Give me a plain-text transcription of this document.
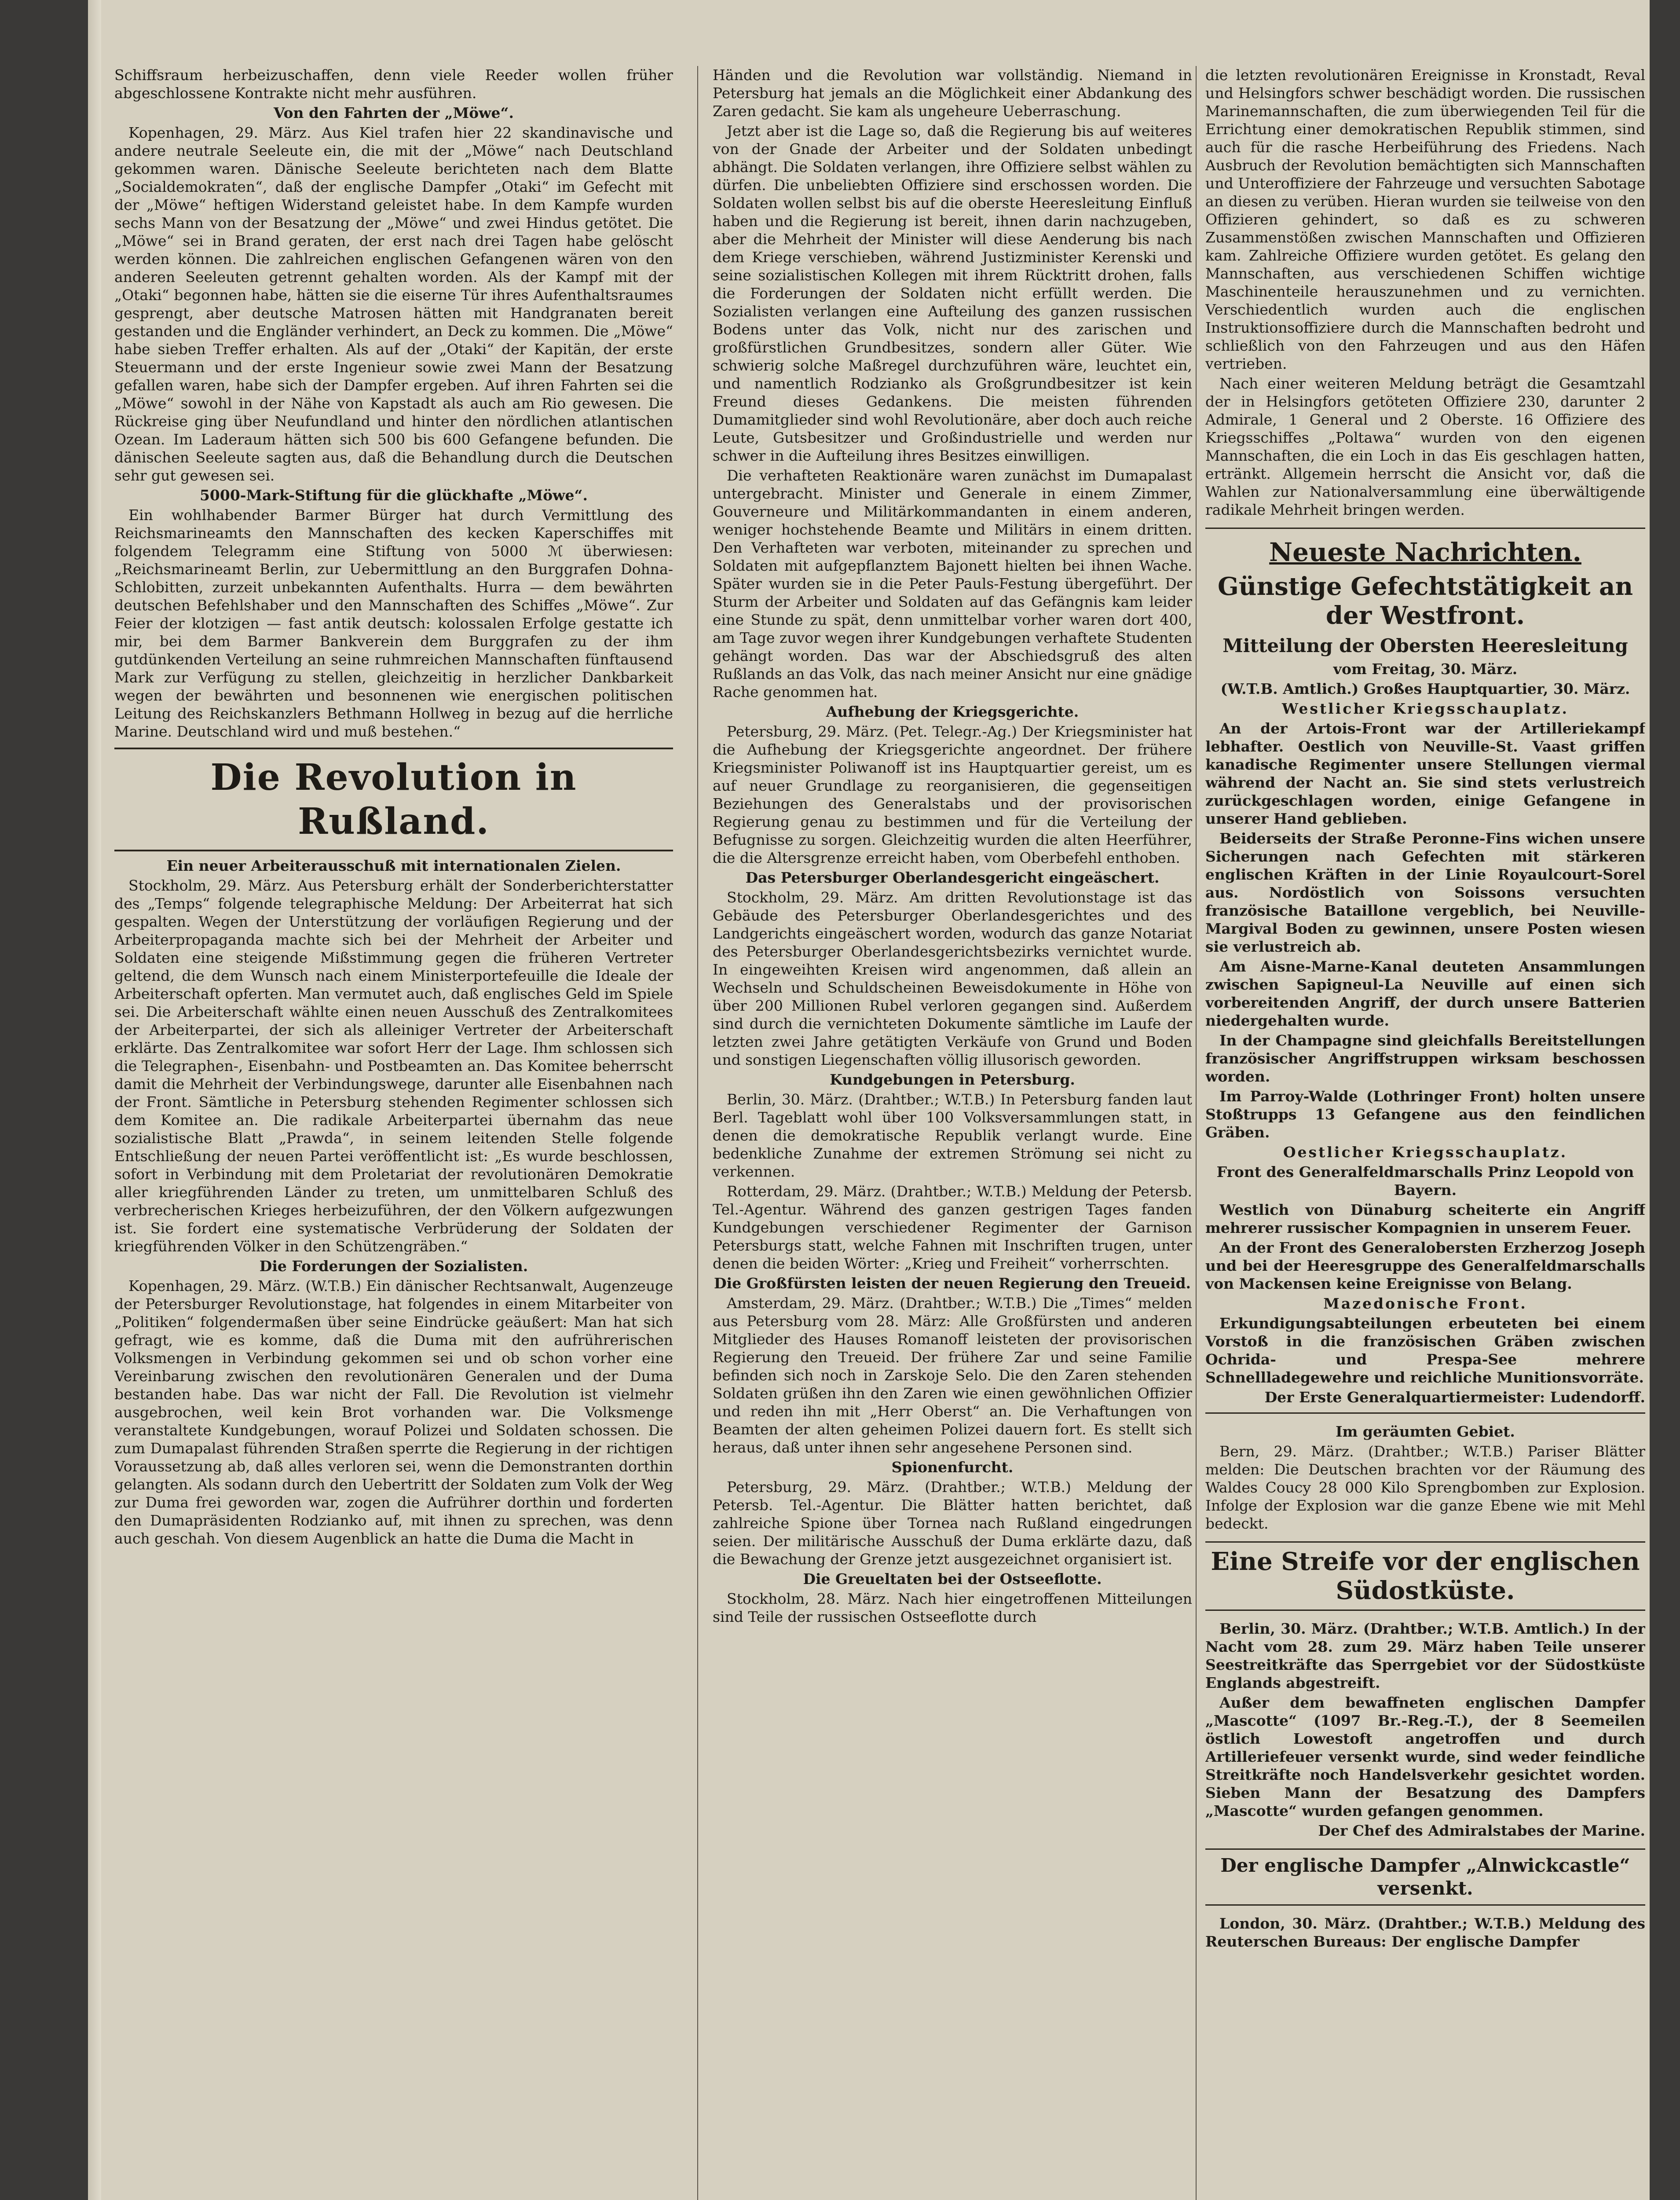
Schiffsraum herbeizuschaffen, denn viele Reeder wollen früher abgeschlossene Kontrakte nicht mehr ausführen.

Von den Fahrten der „Möwe“.

Kopenhagen, 29. März. Aus Kiel trafen hier 22 skandinavische und andere neutrale Seeleute ein, die mit der „Möwe“ nach Deutschland gekommen waren. Dänische Seeleute berichteten nach dem Blatte „Socialdemokraten“, daß der englische Dampfer „Otaki“ im Gefecht mit der „Möwe“ heftigen Widerstand geleistet habe. In dem Kampfe wurden sechs Mann von der Besatzung der „Möwe“ und zwei Hindus getötet. Die „Möwe“ sei in Brand geraten, der erst nach drei Tagen habe gelöscht werden können. Die zahlreichen englischen Gefangenen wären von den anderen Seeleuten getrennt gehalten worden. Als der Kampf mit der „Otaki“ begonnen habe, hätten sie die eiserne Tür ihres Aufenthaltsraumes gesprengt, aber deutsche Matrosen hätten mit Handgranaten bereit gestanden und die Engländer verhindert, an Deck zu kommen. Die „Möwe“ habe sieben Treffer erhalten. Als auf der „Otaki“ der Kapitän, der erste Steuermann und der erste Ingenieur sowie zwei Mann der Besatzung gefallen waren, habe sich der Dampfer ergeben. Auf ihren Fahrten sei die „Möwe“ sowohl in der Nähe von Kapstadt als auch am Rio gewesen. Die Rückreise ging über Neufundland und hinter den nördlichen atlantischen Ozean. Im Laderaum hätten sich 500 bis 600 Gefangene befunden. Die dänischen Seeleute sagten aus, daß die Behandlung durch die Deutschen sehr gut gewesen sei.

5000-Mark-Stiftung für die glückhafte „Möwe“.

Ein wohlhabender Barmer Bürger hat durch Vermittlung des Reichsmarineamts den Mannschaften des kecken Kaperschiffes mit folgendem Telegramm eine Stiftung von 5000 ℳ überwiesen: „Reichsmarineamt Berlin, zur Uebermittlung an den Burggrafen Dohna-Schlobitten, zurzeit unbekannten Aufenthalts. Hurra — dem bewährten deutschen Befehlshaber und den Mannschaften des Schiffes „Möwe“. Zur Feier der klotzigen — fast antik deutsch: kolossalen Erfolge gestatte ich mir, bei dem Barmer Bankverein dem Burggrafen zu der ihm gutdünkenden Verteilung an seine ruhmreichen Mannschaften fünftausend Mark zur Verfügung zu stellen, gleichzeitig in herzlicher Dankbarkeit wegen der bewährten und besonnenen wie energischen politischen Leitung des Reichskanzlers Bethmann Hollweg in bezug auf die herrliche Marine. Deutschland wird und muß bestehen.“

Die Revolution in Rußland.

Ein neuer Arbeiterausschuß mit internationalen Zielen.

Stockholm, 29. März. Aus Petersburg erhält der Sonderberichterstatter des „Temps“ folgende telegraphische Meldung: Der Arbeiterrat hat sich gespalten. Wegen der Unterstützung der vorläufigen Regierung und der Arbeiterpropaganda machte sich bei der Mehrheit der Arbeiter und Soldaten eine steigende Mißstimmung gegen die früheren Vertreter geltend, die dem Wunsch nach einem Ministerportefeuille die Ideale der Arbeiterschaft opferten. Man vermutet auch, daß englisches Geld im Spiele sei. Die Arbeiterschaft wählte einen neuen Ausschuß des Zentralkomitees der Arbeiterpartei, der sich als alleiniger Vertreter der Arbeiterschaft erklärte. Das Zentralkomitee war sofort Herr der Lage. Ihm schlossen sich die Telegraphen-, Eisenbahn- und Postbeamten an. Das Komitee beherrscht damit die Mehrheit der Verbindungswege, darunter alle Eisenbahnen nach der Front. Sämtliche in Petersburg stehenden Regimenter schlossen sich dem Komitee an. Die radikale Arbeiterpartei übernahm das neue sozialistische Blatt „Prawda“, in seinem leitenden Stelle folgende Entschließung der neuen Partei veröffentlicht ist: „Es wurde beschlossen, sofort in Verbindung mit dem Proletariat der revolutionären Demokratie aller kriegführenden Länder zu treten, um unmittelbaren Schluß des verbrecherischen Krieges herbeizuführen, der den Völkern aufgezwungen ist. Sie fordert eine systematische Verbrüderung der Soldaten der kriegführenden Völker in den Schützengräben.“

Die Forderungen der Sozialisten.

Kopenhagen, 29. März. (W.T.B.) Ein dänischer Rechtsanwalt, Augenzeuge der Petersburger Revolutionstage, hat folgendes in einem Mitarbeiter von „Politiken“ folgendermaßen über seine Eindrücke geäußert: Man hat sich gefragt, wie es komme, daß die Duma mit den aufrührerischen Volksmengen in Verbindung gekommen sei und ob schon vorher eine Vereinbarung zwischen den revolutionären Generalen und der Duma bestanden habe. Das war nicht der Fall. Die Revolution ist vielmehr ausgebrochen, weil kein Brot vorhanden war. Die Volksmenge veranstaltete Kundgebungen, worauf Polizei und Soldaten schossen. Die zum Dumapalast führenden Straßen sperrte die Regierung in der richtigen Voraussetzung ab, daß alles verloren sei, wenn die Demonstranten dorthin gelangten. Als sodann durch den Uebertritt der Soldaten zum Volk der Weg zur Duma frei geworden war, zogen die Aufrührer dorthin und forderten den Dumapräsidenten Rodzianko auf, mit ihnen zu sprechen, was denn auch geschah. Von diesem Augenblick an hatte die Duma die Macht in

Händen und die Revolution war vollständig. Niemand in Petersburg hat jemals an die Möglichkeit einer Abdankung des Zaren gedacht. Sie kam als ungeheure Ueberraschung.

Jetzt aber ist die Lage so, daß die Regierung bis auf weiteres von der Gnade der Arbeiter und der Soldaten unbedingt abhängt. Die Soldaten verlangen, ihre Offiziere selbst wählen zu dürfen. Die unbeliebten Offiziere sind erschossen worden. Die Soldaten wollen selbst bis auf die oberste Heeresleitung Einfluß haben und die Regierung ist bereit, ihnen darin nachzugeben, aber die Mehrheit der Minister will diese Aenderung bis nach dem Kriege verschieben, während Justizminister Kerenski und seine sozialistischen Kollegen mit ihrem Rücktritt drohen, falls die Forderungen der Soldaten nicht erfüllt werden. Die Sozialisten verlangen eine Aufteilung des ganzen russischen Bodens unter das Volk, nicht nur des zarischen und großfürstlichen Grundbesitzes, sondern aller Güter. Wie schwierig solche Maßregel durchzuführen wäre, leuchtet ein, und namentlich Rodzianko als Großgrundbesitzer ist kein Freund dieses Gedankens. Die meisten führenden Dumamitglieder sind wohl Revolutionäre, aber doch auch reiche Leute, Gutsbesitzer und Großindustrielle und werden nur schwer in die Aufteilung ihres Besitzes einwilligen.

Die verhafteten Reaktionäre waren zunächst im Dumapalast untergebracht. Minister und Generale in einem Zimmer, Gouverneure und Militärkommandanten in einem anderen, weniger hochstehende Beamte und Militärs in einem dritten. Den Verhafteten war verboten, miteinander zu sprechen und Soldaten mit aufgepflanztem Bajonett hielten bei ihnen Wache. Später wurden sie in die Peter Pauls-Festung übergeführt. Der Sturm der Arbeiter und Soldaten auf das Gefängnis kam leider eine Stunde zu spät, denn unmittelbar vorher waren dort 400, am Tage zuvor wegen ihrer Kundgebungen verhaftete Studenten gehängt worden. Das war der Abschiedsgruß des alten Rußlands an das Volk, das nach meiner Ansicht nur eine gnädige Rache genommen hat.

Aufhebung der Kriegsgerichte.

Petersburg, 29. März. (Pet. Telegr.-Ag.) Der Kriegsminister hat die Aufhebung der Kriegsgerichte angeordnet. Der frühere Kriegsminister Poliwanoff ist ins Hauptquartier gereist, um es auf neuer Grundlage zu reorganisieren, die gegenseitigen Beziehungen des Generalstabs und der provisorischen Regierung genau zu bestimmen und für die Verteilung der Befugnisse zu sorgen. Gleichzeitig wurden die alten Heerführer, die die Altersgrenze erreicht haben, vom Oberbefehl enthoben.

Das Petersburger Oberlandesgericht eingeäschert.

Stockholm, 29. März. Am dritten Revolutionstage ist das Gebäude des Petersburger Oberlandesgerichtes und des Landgerichts eingeäschert worden, wodurch das ganze Notariat des Petersburger Oberlandesgerichtsbezirks vernichtet wurde. In eingeweihten Kreisen wird angenommen, daß allein an Wechseln und Schuldscheinen Beweisdokumente in Höhe von über 200 Millionen Rubel verloren gegangen sind. Außerdem sind durch die vernichteten Dokumente sämtliche im Laufe der letzten zwei Jahre getätigten Verkäufe von Grund und Boden und sonstigen Liegenschaften völlig illusorisch geworden.

Kundgebungen in Petersburg.

Berlin, 30. März. (Drahtber.; W.T.B.) In Petersburg fanden laut Berl. Tageblatt wohl über 100 Volksversammlungen statt, in denen die demokratische Republik verlangt wurde. Eine bedenkliche Zunahme der extremen Strömung sei nicht zu verkennen.

Rotterdam, 29. März. (Drahtber.; W.T.B.) Meldung der Petersb. Tel.-Agentur. Während des ganzen gestrigen Tages fanden Kundgebungen verschiedener Regimenter der Garnison Petersburgs statt, welche Fahnen mit Inschriften trugen, unter denen die beiden Wörter: „Krieg und Freiheit“ vorherrschten.

Die Großfürsten leisten der neuen Regierung den Treueid.

Amsterdam, 29. März. (Drahtber.; W.T.B.) Die „Times“ melden aus Petersburg vom 28. März: Alle Großfürsten und anderen Mitglieder des Hauses Romanoff leisteten der provisorischen Regierung den Treueid. Der frühere Zar und seine Familie befinden sich noch in Zarskoje Selo. Die den Zaren stehenden Soldaten grüßen ihn den Zaren wie einen gewöhnlichen Offizier und reden ihn mit „Herr Oberst“ an. Die Verhaftungen von Beamten der alten geheimen Polizei dauern fort. Es stellt sich heraus, daß unter ihnen sehr angesehene Personen sind.

Spionenfurcht.

Petersburg, 29. März. (Drahtber.; W.T.B.) Meldung der Petersb. Tel.-Agentur. Die Blätter hatten berichtet, daß zahlreiche Spione über Tornea nach Rußland eingedrungen seien. Der militärische Ausschuß der Duma erklärte dazu, daß die Bewachung der Grenze jetzt ausgezeichnet organisiert ist.

Die Greueltaten bei der Ostseeflotte.

Stockholm, 28. März. Nach hier eingetroffenen Mitteilungen sind Teile der russischen Ostseeflotte durch

die letzten revolutionären Ereignisse in Kronstadt, Reval und Helsingfors schwer beschädigt worden. Die russischen Marinemannschaften, die zum überwiegenden Teil für die Errichtung einer demokratischen Republik stimmen, sind auch für die rasche Herbeiführung des Friedens. Nach Ausbruch der Revolution bemächtigten sich Mannschaften und Unteroffiziere der Fahrzeuge und versuchten Sabotage an diesen zu verüben. Hieran wurden sie teilweise von den Offizieren gehindert, so daß es zu schweren Zusammenstößen zwischen Mannschaften und Offizieren kam. Zahlreiche Offiziere wurden getötet. Es gelang den Mannschaften, aus verschiedenen Schiffen wichtige Maschinenteile herauszunehmen und zu vernichten. Verschiedentlich wurden auch die englischen Instruktionsoffiziere durch die Mannschaften bedroht und schließlich von den Fahrzeugen und aus den Häfen vertrieben.

Nach einer weiteren Meldung beträgt die Gesamtzahl der in Helsingfors getöteten Offiziere 230, darunter 2 Admirale, 1 General und 2 Oberste. 16 Offiziere des Kriegsschiffes „Poltawa“ wurden von den eigenen Mannschaften, die ein Loch in das Eis geschlagen hatten, ertränkt. Allgemein herrscht die Ansicht vor, daß die Wahlen zur Nationalversammlung eine überwältigende radikale Mehrheit bringen werden.

Neueste Nachrichten.
Günstige Gefechtstätigkeit an der Westfront.
Mitteilung der Obersten Heeresleitung

vom Freitag, 30. März.

(W.T.B. Amtlich.) Großes Hauptquartier, 30. März.

Westlicher Kriegsschauplatz.

An der Artois-Front war der Artilleriekampf lebhafter. Oestlich von Neuville-St. Vaast griffen kanadische Regimenter unsere Stellungen viermal während der Nacht an. Sie sind stets verlustreich zurückgeschlagen worden, einige Gefangene in unserer Hand geblieben.

Beiderseits der Straße Peronne-Fins wichen unsere Sicherungen nach Gefechten mit stärkeren englischen Kräften in der Linie Royaulcourt-Sorel aus. Nordöstlich von Soissons versuchten französische Bataillone vergeblich, bei Neuville-Margival Boden zu gewinnen, unsere Posten wiesen sie verlustreich ab.

Am Aisne-Marne-Kanal deuteten Ansammlungen zwischen Sapigneul-La Neuville auf einen sich vorbereitenden Angriff, der durch unsere Batterien niedergehalten wurde.

In der Champagne sind gleichfalls Bereitstellungen französischer Angriffstruppen wirksam beschossen worden.

Im Parroy-Walde (Lothringer Front) holten unsere Stoßtrupps 13 Gefangene aus den feindlichen Gräben.

Oestlicher Kriegsschauplatz.

Front des Generalfeldmarschalls Prinz Leopold von Bayern.

Westlich von Dünaburg scheiterte ein Angriff mehrerer russischer Kompagnien in unserem Feuer.

An der Front des Generalobersten Erzherzog Joseph und bei der Heeresgruppe des Generalfeldmarschalls von Mackensen keine Ereignisse von Belang.

Mazedonische Front.

Erkundigungsabteilungen erbeuteten bei einem Vorstoß in die französischen Gräben zwischen Ochrida- und Prespa-See mehrere Schnellladegewehre und reichliche Munitionsvorräte.

Der Erste Generalquartiermeister: Ludendorff.

Im geräumten Gebiet.

Bern, 29. März. (Drahtber.; W.T.B.) Pariser Blätter melden: Die Deutschen brachten vor der Räumung des Waldes Coucy 28 000 Kilo Sprengbomben zur Explosion. Infolge der Explosion war die ganze Ebene wie mit Mehl bedeckt.

Eine Streife vor der englischen Südostküste.

Berlin, 30. März. (Drahtber.; W.T.B. Amtlich.) In der Nacht vom 28. zum 29. März haben Teile unserer Seestreitkräfte das Sperrgebiet vor der Südostküste Englands abgestreift.

Außer dem bewaffneten englischen Dampfer „Mascotte“ (1097 Br.-Reg.-T.), der 8 Seemeilen östlich Lowestoft angetroffen und durch Artilleriefeuer versenkt wurde, sind weder feindliche Streitkräfte noch Handelsverkehr gesichtet worden. Sieben Mann der Besatzung des Dampfers „Mascotte“ wurden gefangen genommen.

Der Chef des Admiralstabes der Marine.

Der englische Dampfer „Alnwickcastle“ versenkt.

London, 30. März. (Drahtber.; W.T.B.) Meldung des Reuterschen Bureaus: Der englische Dampfer
